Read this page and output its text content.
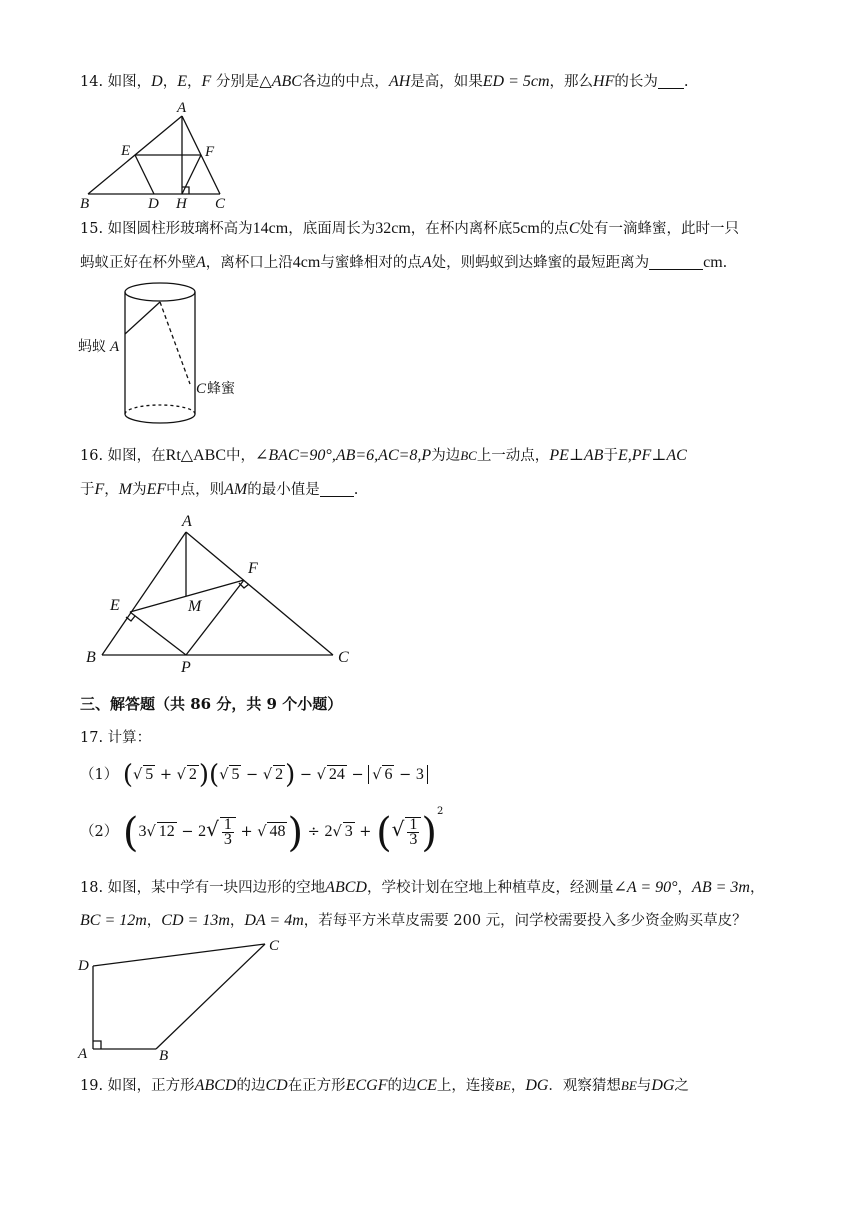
14. 如图，D，E，F 分别是△ABC各边的中点，AH是高，如果ED = 5cm，那么HF的长为 .
A
B	C
D
E	F
H
15. 如图圆柱形玻璃杯高为14cm，底面周长为32cm，在杯内离杯底5cm的点C处有一滴蜂蜜，此时一只
蚂蚁正好在杯外壁A，离杯口上沿4cm与蜜蜂相对的点A处，则蚂蚁到达蜂蜜的最短距离为	cm.
蚂蚁 A
C 蜂蜜
16. 如图，在Rt△ABC中，∠BAC=90°,AB=6,AC=8,P为边BC上一动点，PE⊥AB于E,PF⊥AC
于F，M为EF中点，则AM的最小值是 .
A
B	C
E
F
M
P
三、解答题（共 86 分，共 9 个小题）
17. 计算：
（1） (√ 5 + √ 2)(√ 5 − √ 2) − √ 24 − √ 6 − 3
（2） (3√ $12 - 2√ \frac{1}{3}$ + √ 48) ÷ 2√ 3 + (√ $\frac{1}{3} )^2$
18. 如图，某中学有一块四边形的空地ABCD，学校计划在空地上种植草皮，经测量∠A = 90°，AB = 3m，
BC = 12m，CD = 13m，DA = 4m，若每平方米草皮需要 200 元，问学校需要投入多少资金购买草皮？
D
C
A	B
19. 如图，正方形ABCD的边CD在正方形ECGF的边CE上，连接BE，DG．观察猜想BE与DG之
